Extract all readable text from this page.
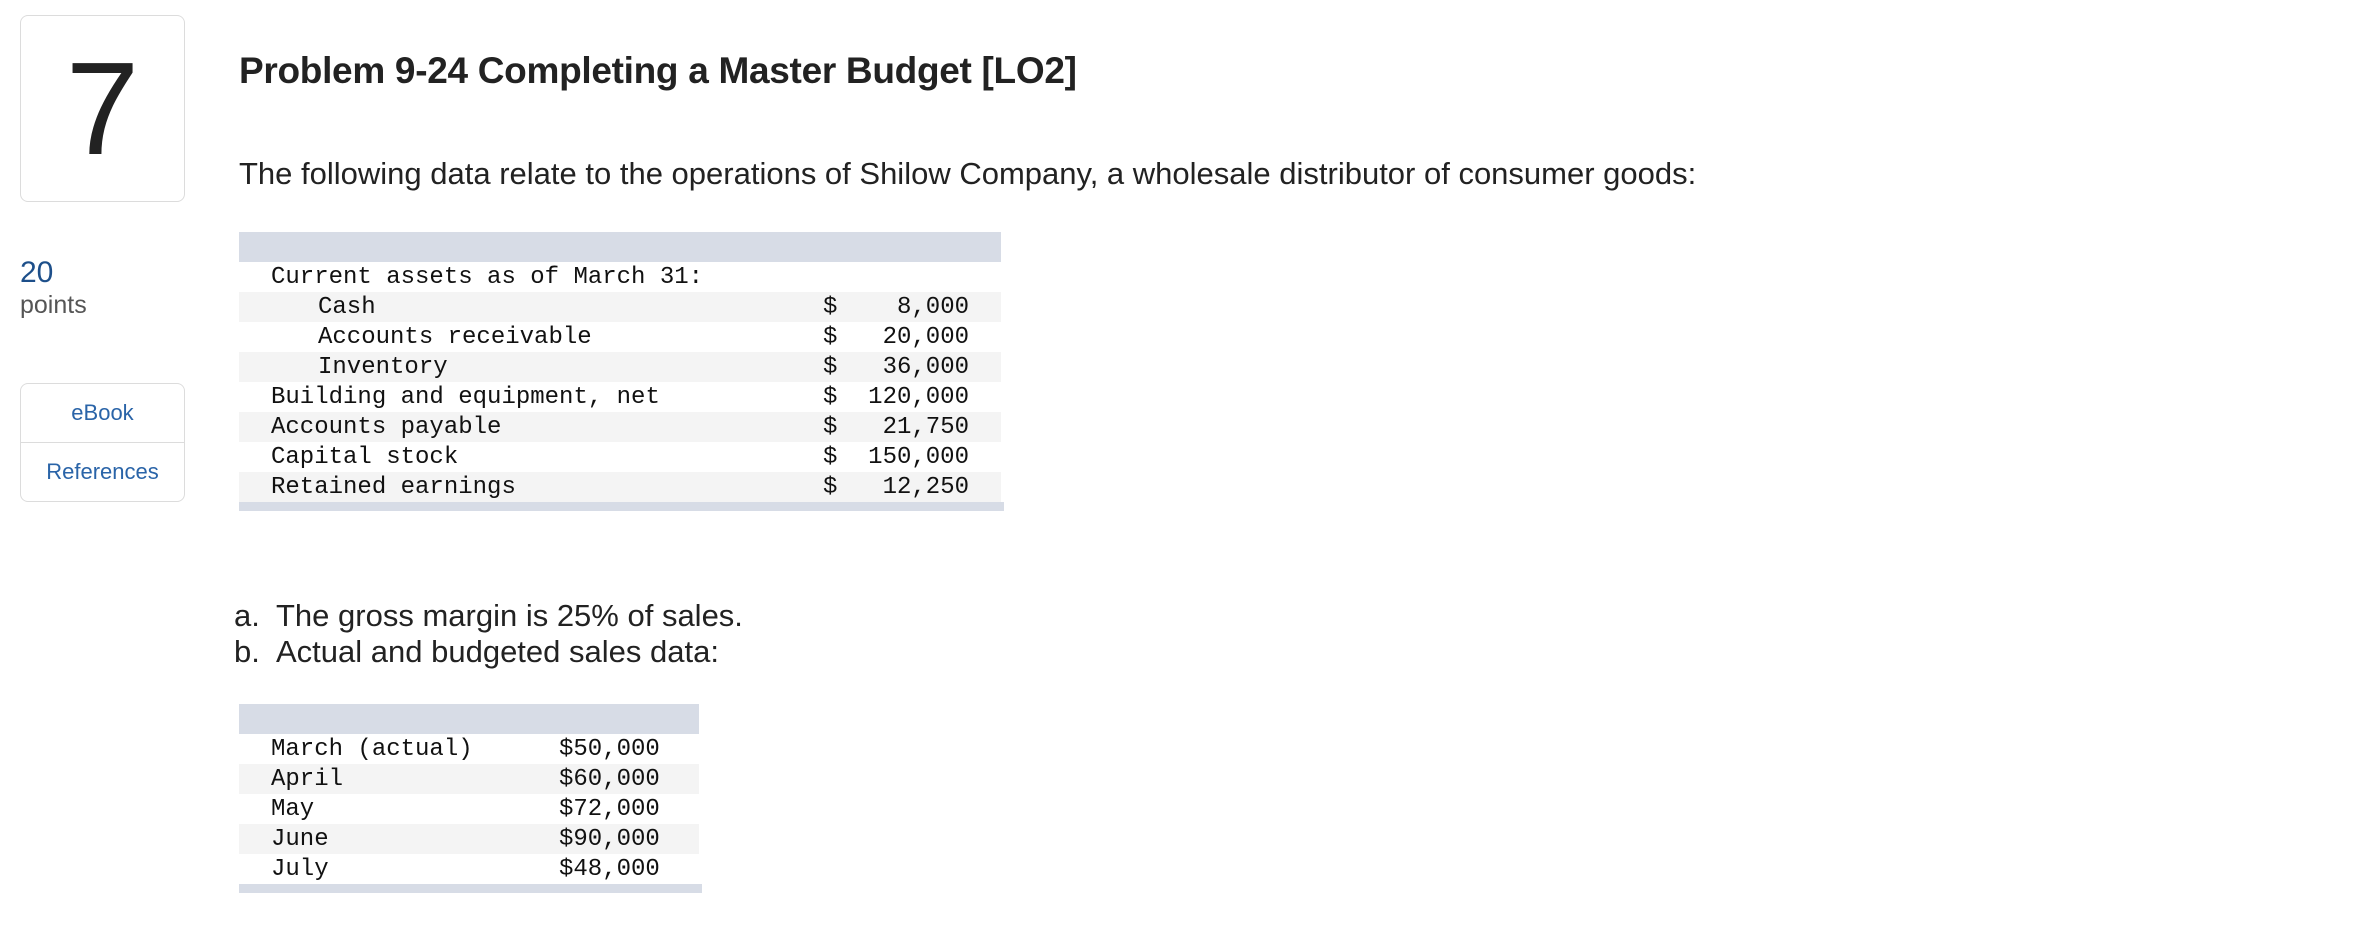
7
20
points
eBook
References
Problem 9-24 Completing a Master Budget [LO2]
The following data relate to the operations of Shilow Company, a wholesale distributor of consumer goods:
Current assets as of March 31:
Cash	$ 8,000
Accounts receivable	$ 20,000
Inventory	$ 36,000
Building and equipment, net	$ 120,000
Accounts payable	$ 21,750
Capital stock	$ 150,000
Retained earnings	$ 12,250
a. The gross margin is 25% of sales.
b. Actual and budgeted sales data:
March (actual)	$50,000
April	$60,000
May	$72,000
June	$90,000
July	$48,000
